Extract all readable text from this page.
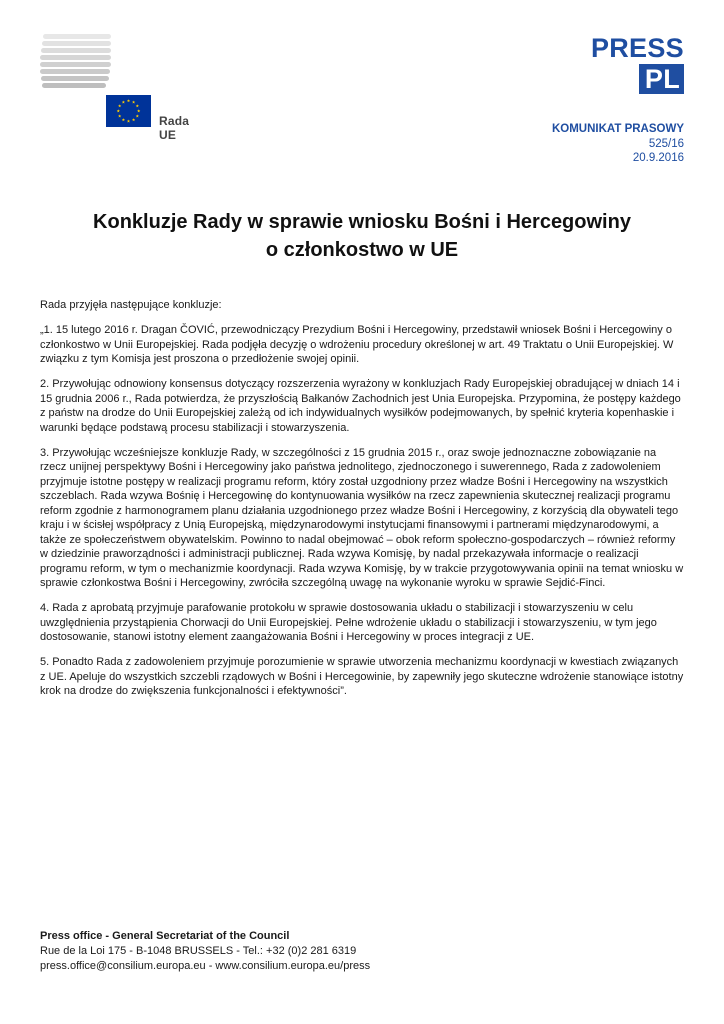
Rada UE
PRESS
PL
KOMUNIKAT PRASOWY
525/16
20.9.2016
Konkluzje Rady w sprawie wniosku Bośni i Hercegowiny
o członkostwo w UE

Rada przyjęła następujące konkluzje:

„1. 15 lutego 2016 r. Dragan ČOVIĆ, przewodniczący Prezydium Bośni i Hercegowiny, przedstawił wniosek Bośni i Hercegowiny o członkostwo w Unii Europejskiej. Rada podjęła decyzję o wdrożeniu procedury określonej w art. 49 Traktatu o Unii Europejskiej. W związku z tym Komisja jest proszona o przedłożenie swojej opinii.

2. Przywołując odnowiony konsensus dotyczący rozszerzenia wyrażony w konkluzjach Rady Europejskiej obradującej w dniach 14 i 15 grudnia 2006 r., Rada potwierdza, że przyszłością Bałkanów Zachodnich jest Unia Europejska. Przypomina, że postępy każdego z państw na drodze do Unii Europejskiej zależą od ich indywidualnych wysiłków podejmowanych, by spełnić kryteria kopenhaskie i warunki będące podstawą procesu stabilizacji i stowarzyszenia.

3. Przywołując wcześniejsze konkluzje Rady, w szczególności z 15 grudnia 2015 r., oraz swoje jednoznaczne zobowiązanie na rzecz unijnej perspektywy Bośni i Hercegowiny jako państwa jednolitego, zjednoczonego i suwerennego, Rada z zadowoleniem przyjmuje istotne postępy w realizacji programu reform, który został uzgodniony przez władze Bośni i Hercegowiny na wszystkich szczeblach. Rada wzywa Bośnię i Hercegowinę do kontynuowania wysiłków na rzecz zapewnienia skutecznej realizacji programu reform zgodnie z harmonogramem planu działania uzgodnionego przez władze Bośni i Hercegowiny, z korzyścią dla obywateli tego kraju i w ścisłej współpracy z Unią Europejską, międzynarodowymi instytucjami finansowymi i partnerami międzynarodowymi, a także ze społeczeństwem obywatelskim. Powinno to nadal obejmować – obok reform społeczno-gospodarczych – również reformy w dziedzinie praworządności i administracji publicznej. Rada wzywa Komisję, by nadal przekazywała informacje o realizacji programu reform, w tym o mechanizmie koordynacji. Rada wzywa Komisję, by w trakcie przygotowywania opinii na temat wniosku w sprawie członkostwa Bośni i Hercegowiny, zwróciła szczególną uwagę na wykonanie wyroku w sprawie Sejdić-Finci.

4. Rada z aprobatą przyjmuje parafowanie protokołu w sprawie dostosowania układu o stabilizacji i stowarzyszeniu w celu uwzględnienia przystąpienia Chorwacji do Unii Europejskiej. Pełne wdrożenie układu o stabilizacji i stowarzyszeniu, w tym jego dostosowanie, stanowi istotny element zaangażowania Bośni i Hercegowiny w proces integracji z UE.

5. Ponadto Rada z zadowoleniem przyjmuje porozumienie w sprawie utworzenia mechanizmu koordynacji w kwestiach związanych z UE. Apeluje do wszystkich szczebli rządowych w Bośni i Hercegowinie, by zapewniły jego skuteczne wdrożenie stanowiące istotny krok na drodze do zwiększenia funkcjonalności i efektywności”.

Press office - General Secretariat of the Council
Rue de la Loi 175 - B-1048 BRUSSELS - Tel.: +32 (0)2 281 6319
press.office@consilium.europa.eu - www.consilium.europa.eu/press
